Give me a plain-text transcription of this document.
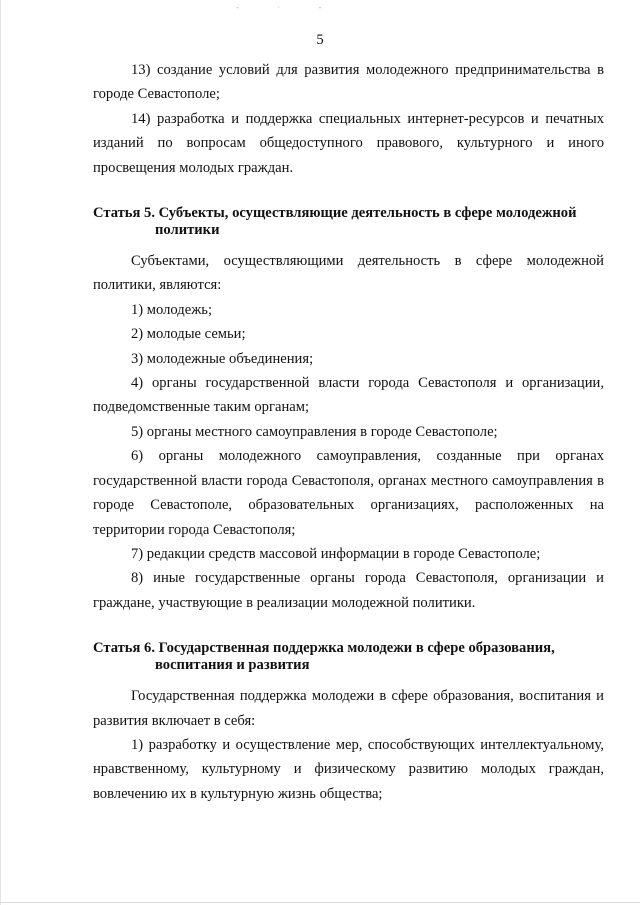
- · -
5

13) создание условий для развития молодежного предпринимательства в городе Севастополе;

14) разработка и поддержка специальных интернет-ресурсов и печатных изданий по вопросам общедоступного правового, культурного и иного просвещения молодых граждан.

Статья 5. Субъекты, осуществляющие деятельность в сфере молодежной
политики

Субъектами, осуществляющими деятельность в сфере молодежной политики, являются:

1) молодежь;

2) молодые семьи;

3) молодежные объединения;

4) органы государственной власти города Севастополя и организации, подведомственные таким органам;

5) органы местного самоуправления в городе Севастополе;

6) органы молодежного самоуправления, созданные при органах государственной власти города Севастополя, органах местного самоуправления в городе Севастополе, образовательных организациях, расположенных на территории города Севастополя;

7) редакции средств массовой информации в городе Севастополе;

8) иные государственные органы города Севастополя, организации и граждане, участвующие в реализации молодежной политики.

Статья 6. Государственная поддержка молодежи в сфере образования,
воспитания и развития

Государственная поддержка молодежи в сфере образования, воспитания и развития включает в себя:

1) разработку и осуществление мер, способствующих интеллектуальному, нравственному, культурному и физическому развитию молодых граждан, вовлечению их в культурную жизнь общества;
